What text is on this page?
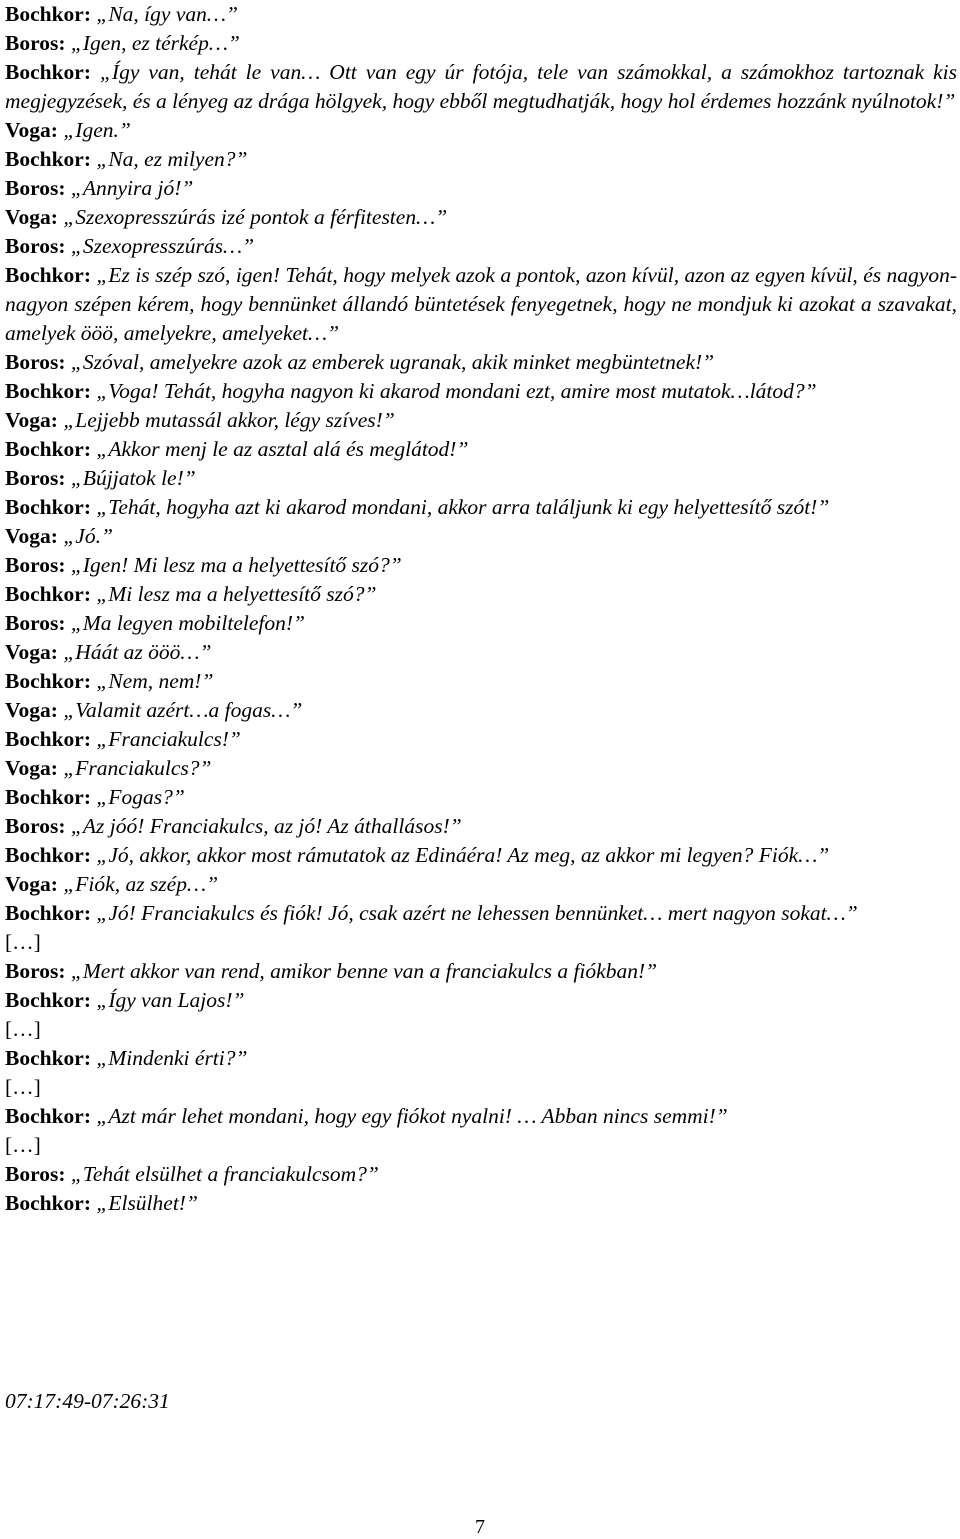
Bochkor: „Na, így van…”

Boros: „Igen, ez térkép…”

Bochkor: „Így van, tehát le van… Ott van egy úr fotója, tele van számokkal, a számokhoz tartoznak kis megjegyzések, és a lényeg az drága hölgyek, hogy ebből megtudhatják, hogy hol érdemes hozzánk nyúlnotok!”

Voga: „Igen.”

Bochkor: „Na, ez milyen?”

Boros: „Annyira jó!”

Voga: „Szexopresszúrás izé pontok a férfitesten…”

Boros: „Szexopresszúrás…”

Bochkor: „Ez is szép szó, igen! Tehát, hogy melyek azok a pontok, azon kívül, azon az egyen kívül, és nagyon-nagyon szépen kérem, hogy bennünket állandó büntetések fenyegetnek, hogy ne mondjuk ki azokat a szavakat, amelyek ööö, amelyekre, amelyeket…”

Boros: „Szóval, amelyekre azok az emberek ugranak, akik minket megbüntetnek!”

Bochkor: „Voga! Tehát, hogyha nagyon ki akarod mondani ezt, amire most mutatok…látod?”

Voga: „Lejjebb mutassál akkor, légy szíves!”

Bochkor: „Akkor menj le az asztal alá és meglátod!”

Boros: „Bújjatok le!”

Bochkor: „Tehát, hogyha azt ki akarod mondani, akkor arra találjunk ki egy helyettesítő szót!”

Voga: „Jó.”

Boros: „Igen! Mi lesz ma a helyettesítő szó?”

Bochkor: „Mi lesz ma a helyettesítő szó?”

Boros: „Ma legyen mobiltelefon!”

Voga: „Háát az ööö…”

Bochkor: „Nem, nem!”

Voga: „Valamit azért…a fogas…”

Bochkor: „Franciakulcs!”

Voga: „Franciakulcs?”

Bochkor: „Fogas?”

Boros: „Az jóó! Franciakulcs, az jó! Az áthallásos!”

Bochkor: „Jó, akkor, akkor most rámutatok az Edináéra! Az meg, az akkor mi legyen? Fiók…”

Voga: „Fiók, az szép…”

Bochkor: „Jó! Franciakulcs és fiók! Jó, csak azért ne lehessen bennünket… mert nagyon sokat…”

[…]

Boros: „Mert akkor van rend, amikor benne van a franciakulcs a fiókban!”

Bochkor: „Így van Lajos!”

[…]

Bochkor: „Mindenki érti?”

[…]

Bochkor: „Azt már lehet mondani, hogy egy fiókot nyalni! … Abban nincs semmi!”

[…]

Boros: „Tehát elsülhet a franciakulcsom?”

Bochkor: „Elsülhet!”

07:17:49-07:26:31
7
